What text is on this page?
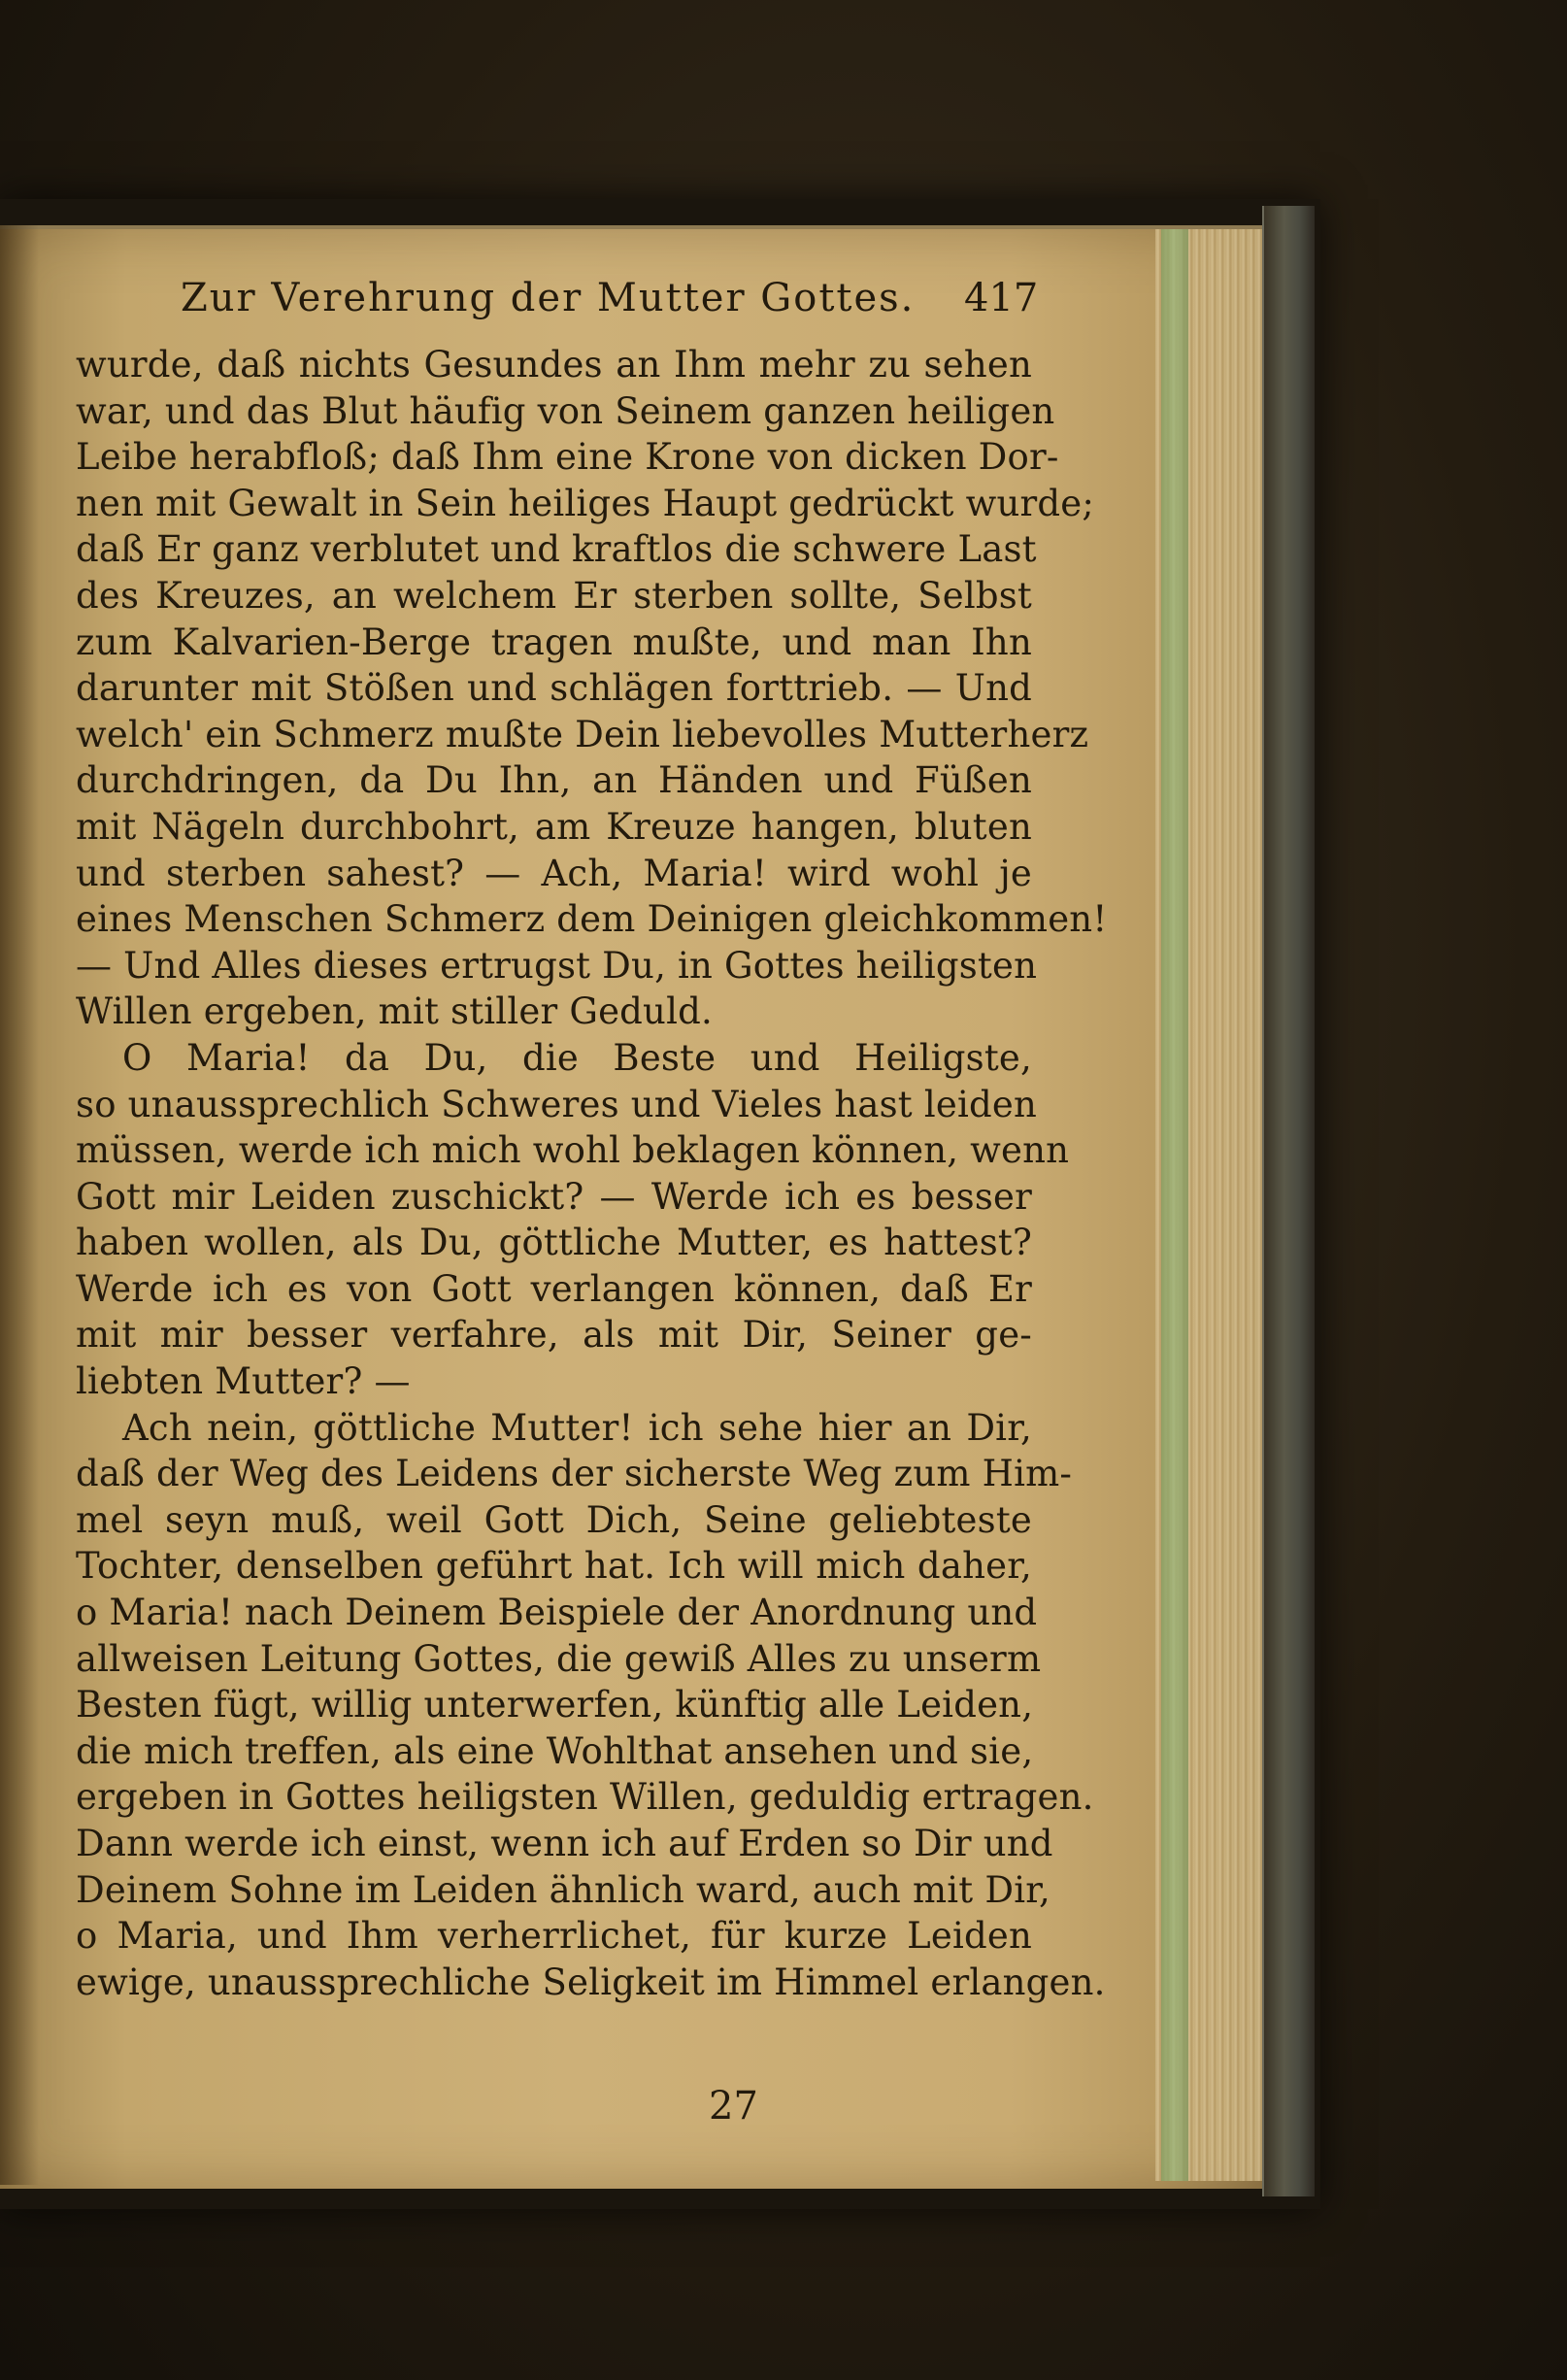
Zur Verehrung der Mutter Gottes. 417
wurde, daß nichts Gesundes an Ihm mehr zu sehen
war, und das Blut häufig von Seinem ganzen heiligen
Leibe herabfloß; daß Ihm eine Krone von dicken Dor-
nen mit Gewalt in Sein heiliges Haupt gedrückt wurde;
daß Er ganz verblutet und kraftlos die schwere Last
des Kreuzes, an welchem Er sterben sollte, Selbst
zum Kalvarien-Berge tragen mußte, und man Ihn
darunter mit Stößen und schlägen forttrieb. — Und
welch' ein Schmerz mußte Dein liebevolles Mutterherz
durchdringen, da Du Ihn, an Händen und Füßen
mit Nägeln durchbohrt, am Kreuze hangen, bluten
und sterben sahest? — Ach, Maria! wird wohl je
eines Menschen Schmerz dem Deinigen gleichkommen!
— Und Alles dieses ertrugst Du, in Gottes heiligsten
Willen ergeben, mit stiller Geduld.
O Maria! da Du, die Beste und Heiligste,
so unaussprechlich Schweres und Vieles hast leiden
müssen, werde ich mich wohl beklagen können, wenn
Gott mir Leiden zuschickt? — Werde ich es besser
haben wollen, als Du, göttliche Mutter, es hattest?
Werde ich es von Gott verlangen können, daß Er
mit mir besser verfahre, als mit Dir, Seiner ge-
liebten Mutter? —
Ach nein, göttliche Mutter! ich sehe hier an Dir,
daß der Weg des Leidens der sicherste Weg zum Him-
mel seyn muß, weil Gott Dich, Seine geliebteste
Tochter, denselben geführt hat. Ich will mich daher,
o Maria! nach Deinem Beispiele der Anordnung und
allweisen Leitung Gottes, die gewiß Alles zu unserm
Besten fügt, willig unterwerfen, künftig alle Leiden,
die mich treffen, als eine Wohlthat ansehen und sie,
ergeben in Gottes heiligsten Willen, geduldig ertragen.
Dann werde ich einst, wenn ich auf Erden so Dir und
Deinem Sohne im Leiden ähnlich ward, auch mit Dir,
o Maria, und Ihm verherrlichet, für kurze Leiden
ewige, unaussprechliche Seligkeit im Himmel erlangen.
27
